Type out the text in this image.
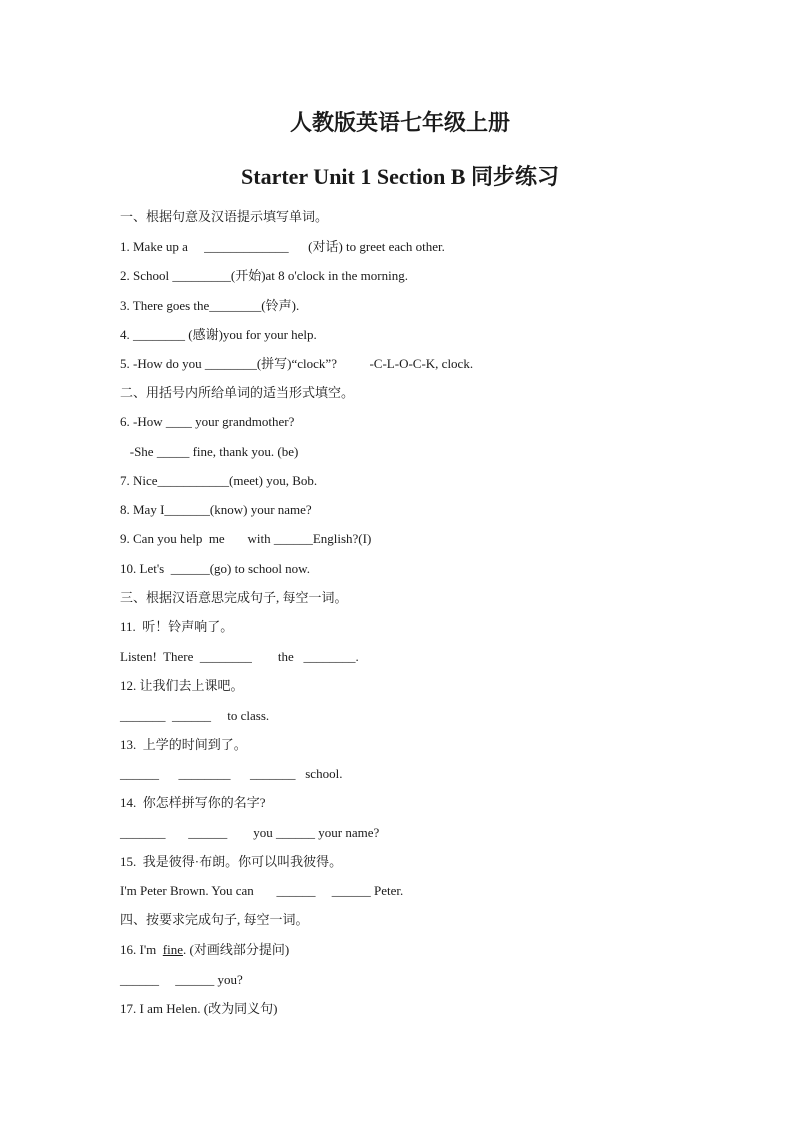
人教版英语七年级上册
Starter Unit 1 Section B 同步练习
一、根据句意及汉语提示填写单词。
1. Make up a     _____________      (对话) to greet each other.
2. School _________(开始)at 8 o'clock in the morning.
3. There goes the________(铃声).
4. ________ (感谢)you for your help.
5. -How do you ________(拼写)“clock”?          -C-L-O-C-K, clock.
二、用括号内所给单词的适当形式填空。
6. -How ____ your grandmother?
-She _____ fine, thank you. (be)
7. Nice___________(meet) you, Bob.
8. May I_______(know) your name?
9. Can you help  me       with ______English?(I)
10. Let's  ______(go) to school now.
三、根据汉语意思完成句子, 每空一词。
11.  听！铃声响了。
Listen!  There  ________        the   ________.
12. 让我们去上课吧。
_______  ______     to class.
13.  上学的时间到了。
______      ________      _______   school.
14.  你怎样拼写你的名字?
_______       ______        you ______ your name?
15.  我是彼得·布朗。你可以叫我彼得。
I'm Peter Brown. You can       ______     ______ Peter.
四、按要求完成句子, 每空一词。
16. I'm  fine. (对画线部分提问)
______     ______ you?
17. I am Helen. (改为同义句)
